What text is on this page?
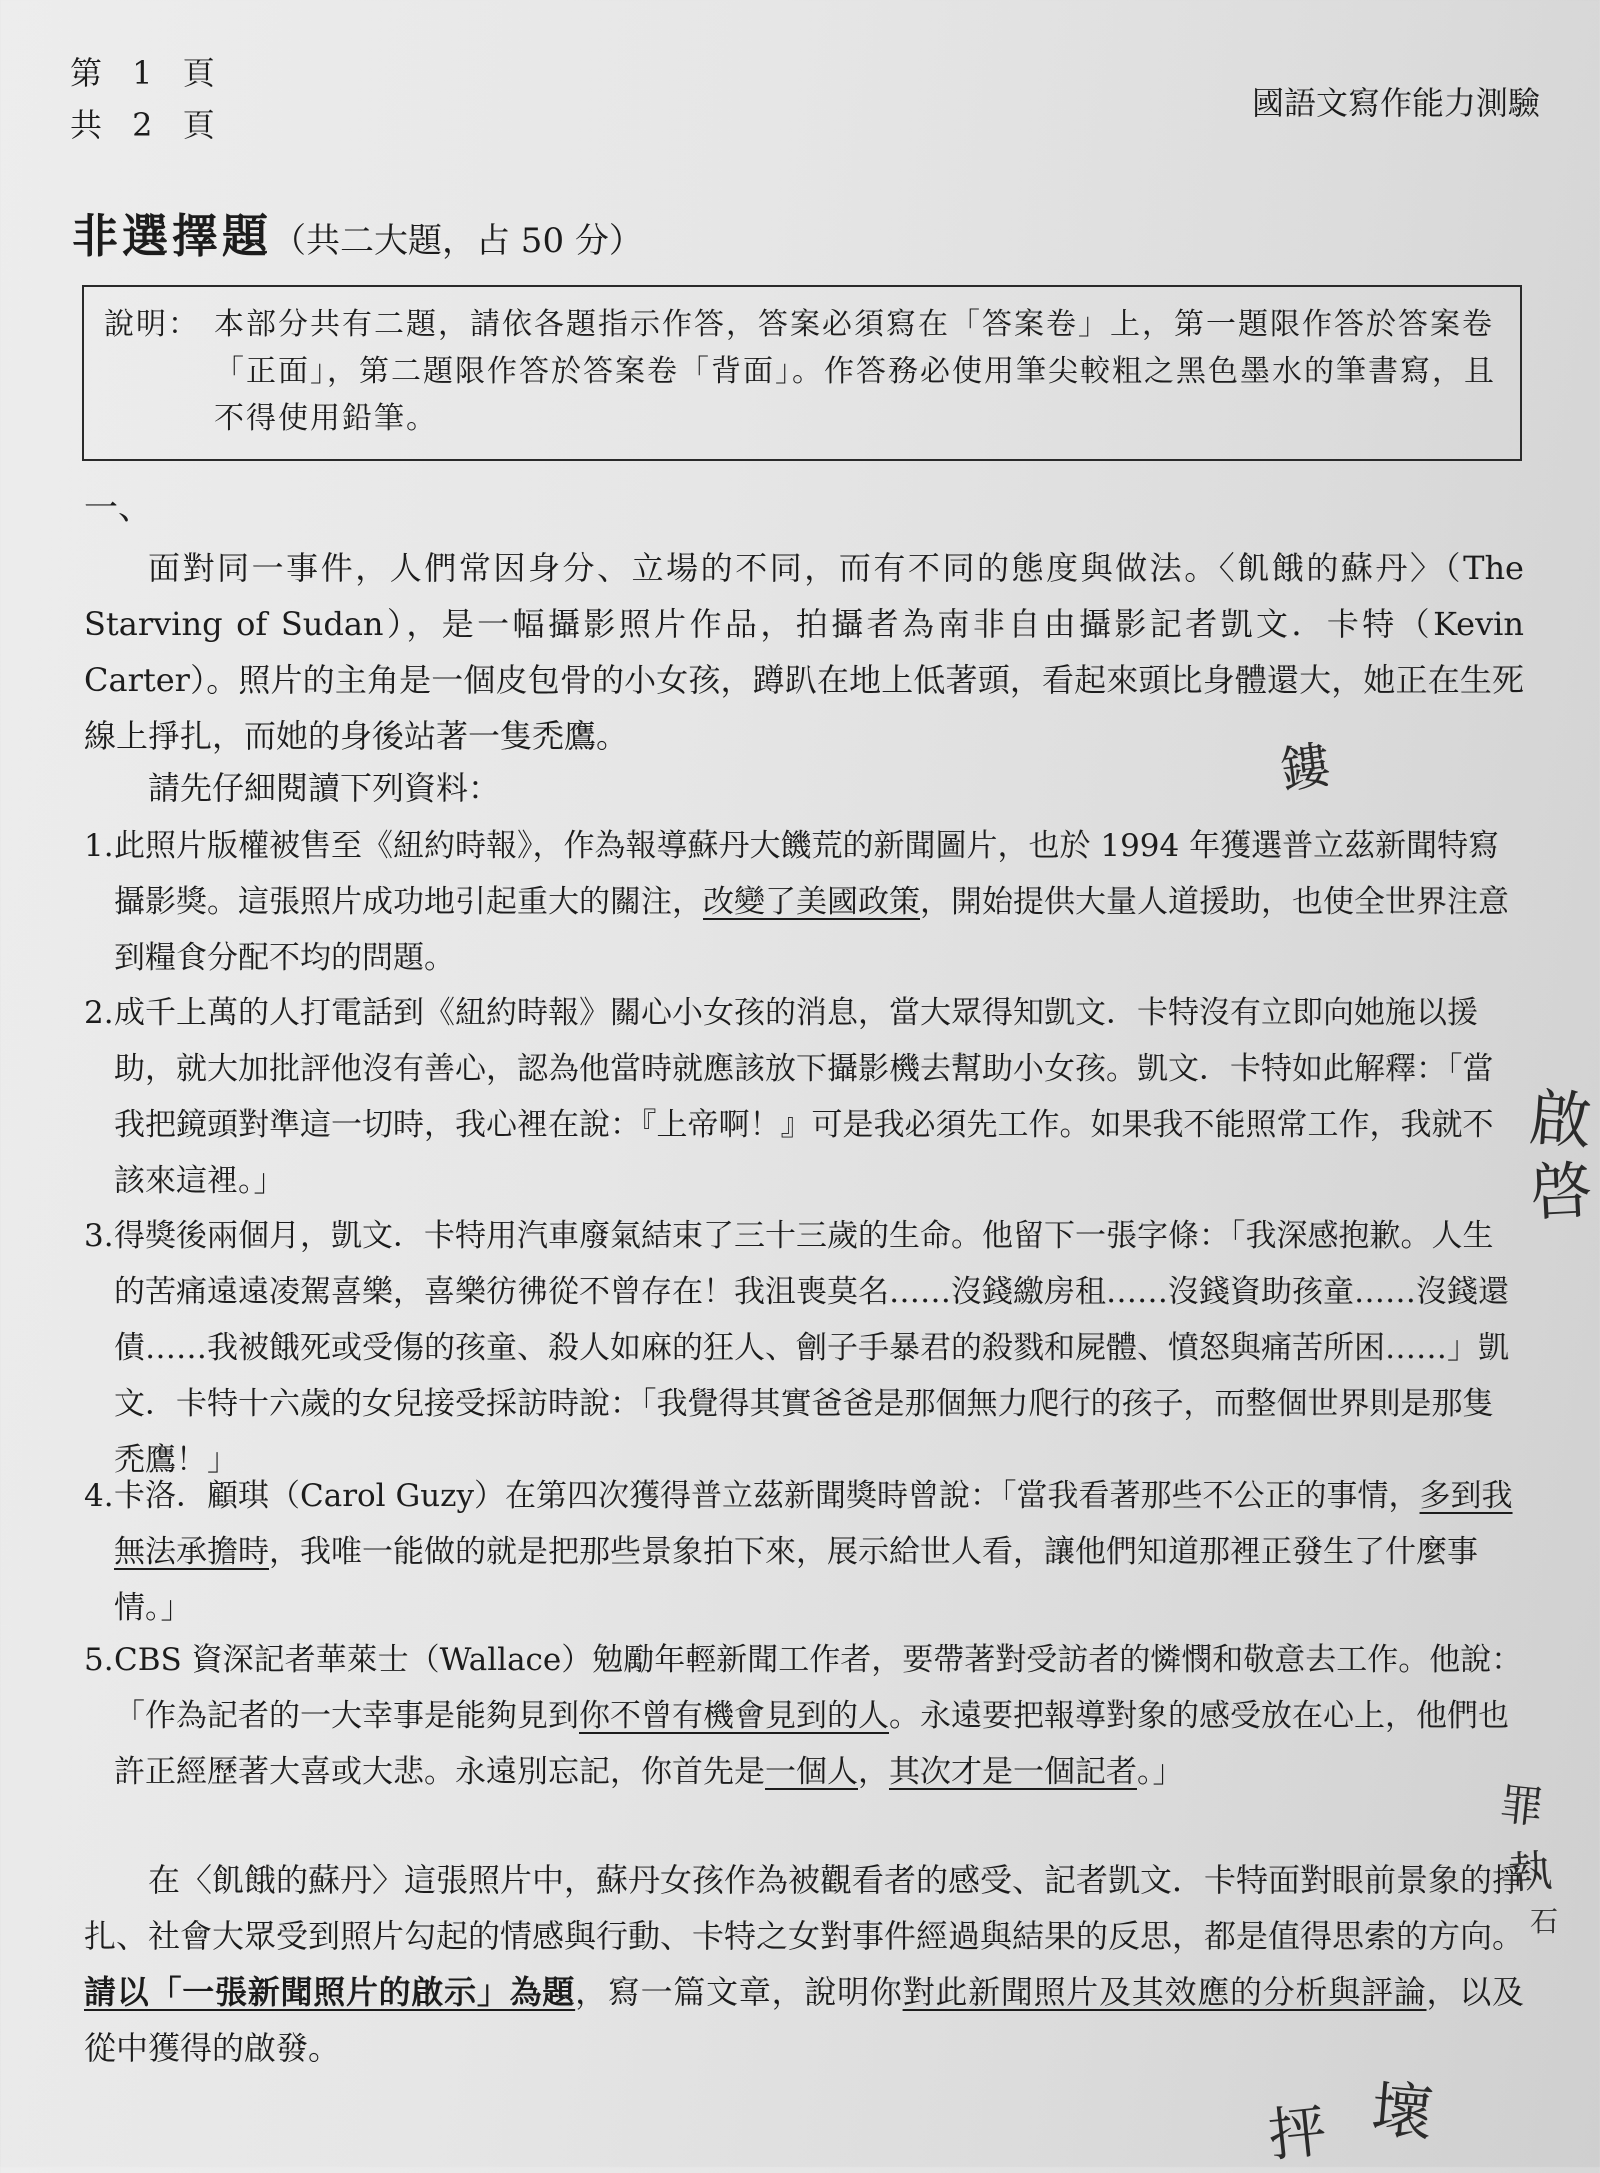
第 1 頁
共 2 頁
國語文寫作能力測驗
非選擇題（共二大題，占 50 分）
說明： 本部分共有二題，請依各題指示作答，答案必須寫在「答案卷」上，第一題限作答於答案卷「正面」，第二題限作答於答案卷「背面」。作答務必使用筆尖較粗之黑色墨水的筆書寫，且不得使用鉛筆。
一、
面對同一事件，人們常因身分、立場的不同，而有不同的態度與做法。〈飢餓的蘇丹〉（The Starving of Sudan），是一幅攝影照片作品，拍攝者為南非自由攝影記者凱文．卡特（Kevin Carter）。照片的主角是一個皮包骨的小女孩，蹲趴在地上低著頭，看起來頭比身體還大，她正在生死線上掙扎，而她的身後站著一隻禿鷹。
請先仔細閱讀下列資料：
1. 此照片版權被售至《紐約時報》，作為報導蘇丹大饑荒的新聞圖片，也於 1994 年獲選普立茲新聞特寫攝影獎。這張照片成功地引起重大的關注，改變了美國政策，開始提供大量人道援助，也使全世界注意到糧食分配不均的問題。
2. 成千上萬的人打電話到《紐約時報》關心小女孩的消息，當大眾得知凱文．卡特沒有立即向她施以援助，就大加批評他沒有善心，認為他當時就應該放下攝影機去幫助小女孩。凱文．卡特如此解釋：「當我把鏡頭對準這一切時，我心裡在說：『上帝啊！』可是我必須先工作。如果我不能照常工作，我就不該來這裡。」
3. 得獎後兩個月，凱文．卡特用汽車廢氣結束了三十三歲的生命。他留下一張字條：「我深感抱歉。人生的苦痛遠遠凌駕喜樂，喜樂彷彿從不曾存在！我沮喪莫名……沒錢繳房租……沒錢資助孩童……沒錢還債……我被餓死或受傷的孩童、殺人如麻的狂人、劊子手暴君的殺戮和屍體、憤怒與痛苦所困……」凱文．卡特十六歲的女兒接受採訪時說：「我覺得其實爸爸是那個無力爬行的孩子，而整個世界則是那隻禿鷹！」
4. 卡洛．顧琪（Carol Guzy）在第四次獲得普立茲新聞獎時曾說：「當我看著那些不公正的事情，多到我無法承擔時，我唯一能做的就是把那些景象拍下來，展示給世人看，讓他們知道那裡正發生了什麼事情。」
5. CBS 資深記者華萊士（Wallace）勉勵年輕新聞工作者，要帶著對受訪者的憐憫和敬意去工作。他說：「作為記者的一大幸事是能夠見到你不曾有機會見到的人。永遠要把報導對象的感受放在心上，他們也許正經歷著大喜或大悲。永遠別忘記，你首先是一個人，其次才是一個記者。」
在〈飢餓的蘇丹〉這張照片中，蘇丹女孩作為被觀看者的感受、記者凱文．卡特面對眼前景象的掙扎、社會大眾受到照片勾起的情感與行動、卡特之女對事件經過與結果的反思，都是值得思索的方向。請以「一張新聞照片的啟示」為題，寫一篇文章，說明你對此新聞照片及其效應的分析與評論，以及從中獲得的啟發。
鏤
啟
啓
罪
執
石
抨 壞
